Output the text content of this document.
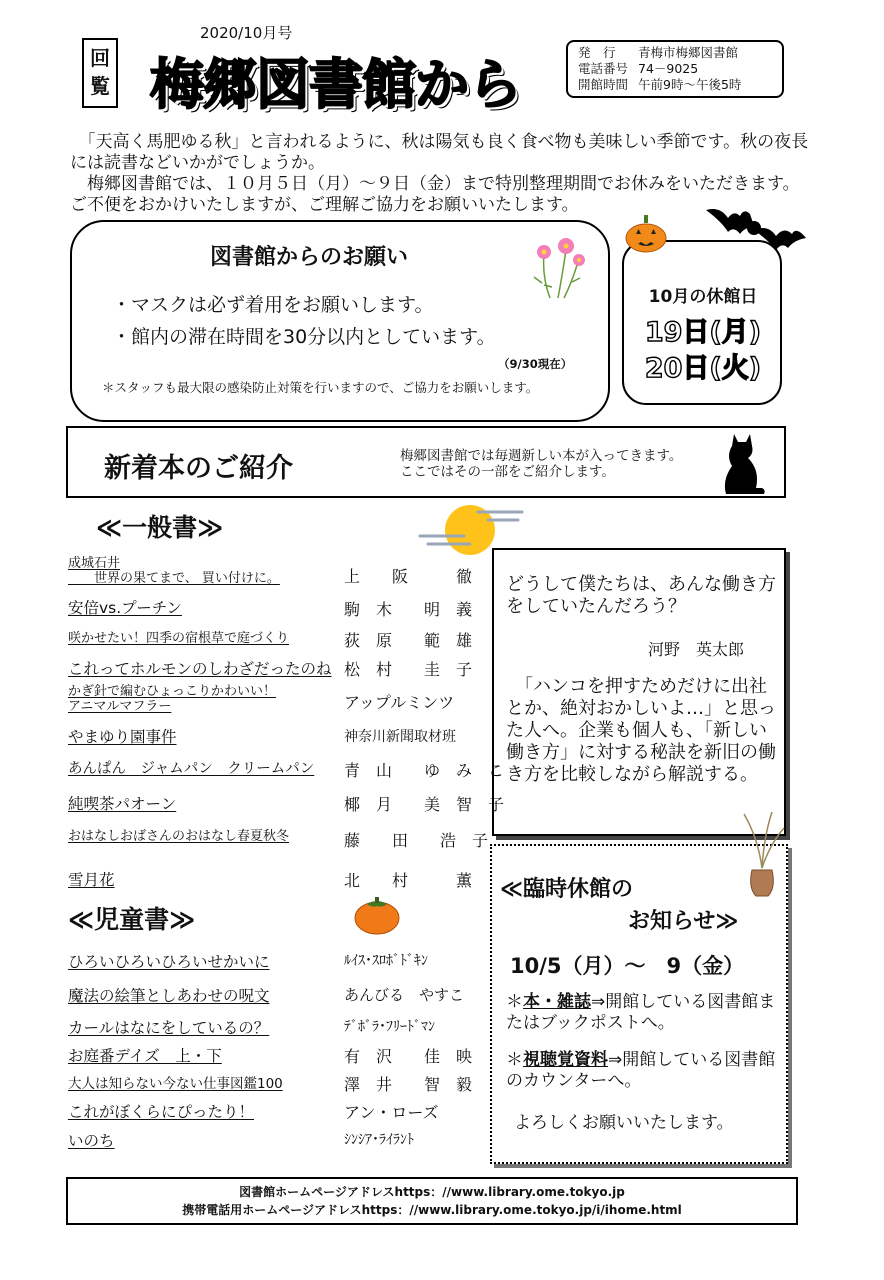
回覧
2020/10月号
梅郷図書館から
発　行 青梅市梅郷図書館
電話番号 74－9025
開館時間 午前9時～午後5時

　「天高く馬肥ゆる秋」と言われるように、秋は陽気も良く食べ物も美味しい季節です。秋の夜長には読書などいかがでしょうか。

　梅郷図書館では、１０月５日（月）～９日（金）まで特別整理期間でお休みをいただきます。ご不便をおかけいたしますが、ご理解ご協力をお願いいたします。

図書館からのお願い
・マスクは必ず着用をお願いします。
・館内の滞在時間を30分以内としています。
（9/30現在）
＊スタッフも最大限の感染防止対策を行いますので、ご協力をお願いします。
10月の休館日
19日(月)
20日(火)
新着本のご紹介	梅郷図書館では毎週新しい本が入ってきます。
ここではその一部をご紹介します。
≪一般書≫
成城石井
　　世界の果てまで、 買い付けに。	上　　阪　　　徹
安倍vs.プーチン	駒　木　　明　義
咲かせたい！四季の宿根草で庭づくり	荻　原　　範　雄
これってホルモンのしわざだったのね 松　村　　圭　子
かぎ針で編むひょっこりかわいい！
アニマルマフラー	アップルミンツ
やまゆり園事件	神奈川新聞取材班
あんぱん　ジャムパン　クリームパン	青　山　　ゆ　み　こ
純喫茶パオーン	椰　月　　美　智　子
おはなしおばさんのおはなし春夏秋冬	藤　　田　　浩　子
雪月花	北　　村　　　薫
≪児童書≫
ひろいひろいひろいせかいに	ﾙｲｽ･ｽﾛﾎﾞﾄﾞｷﾝ
魔法の絵筆としあわせの呪文	あんびる　やすこ
カールはなにをしているの？	ﾃﾞﾎﾞﾗ･ﾌﾘｰﾄﾞﾏﾝ
お庭番デイズ　上・下	有　沢　　佳　映
大人は知らない今ない仕事図鑑100	澤　井　　智　毅
これがぼくらにぴったり！	アン・ローズ
いのち	ｼﾝｼｱ･ﾗｲﾗﾝﾄ
どうして僕たちは、あんな働き方をしていたんだろう？
河野　英太郎
　「ハンコを押すためだけに出社とか、絶対おかしいよ…」と思った人へ。企業も個人も、「新しい働き方」に対する秘訣を新旧の働き方を比較しながら解説する。
≪臨時休館の
お知らせ≫
10/5（月）～　9（金）
＊本・雑誌⇒開館している図書館またはブックポストへ。
＊視聴覚資料⇒開館している図書館のカウンターへ。
よろしくお願いいたします。
図書館ホームページアドレスhttps：//www.library.ome.tokyo.jp
携帯電話用ホームページアドレスhttps：//www.library.ome.tokyo.jp/i/ihome.html
